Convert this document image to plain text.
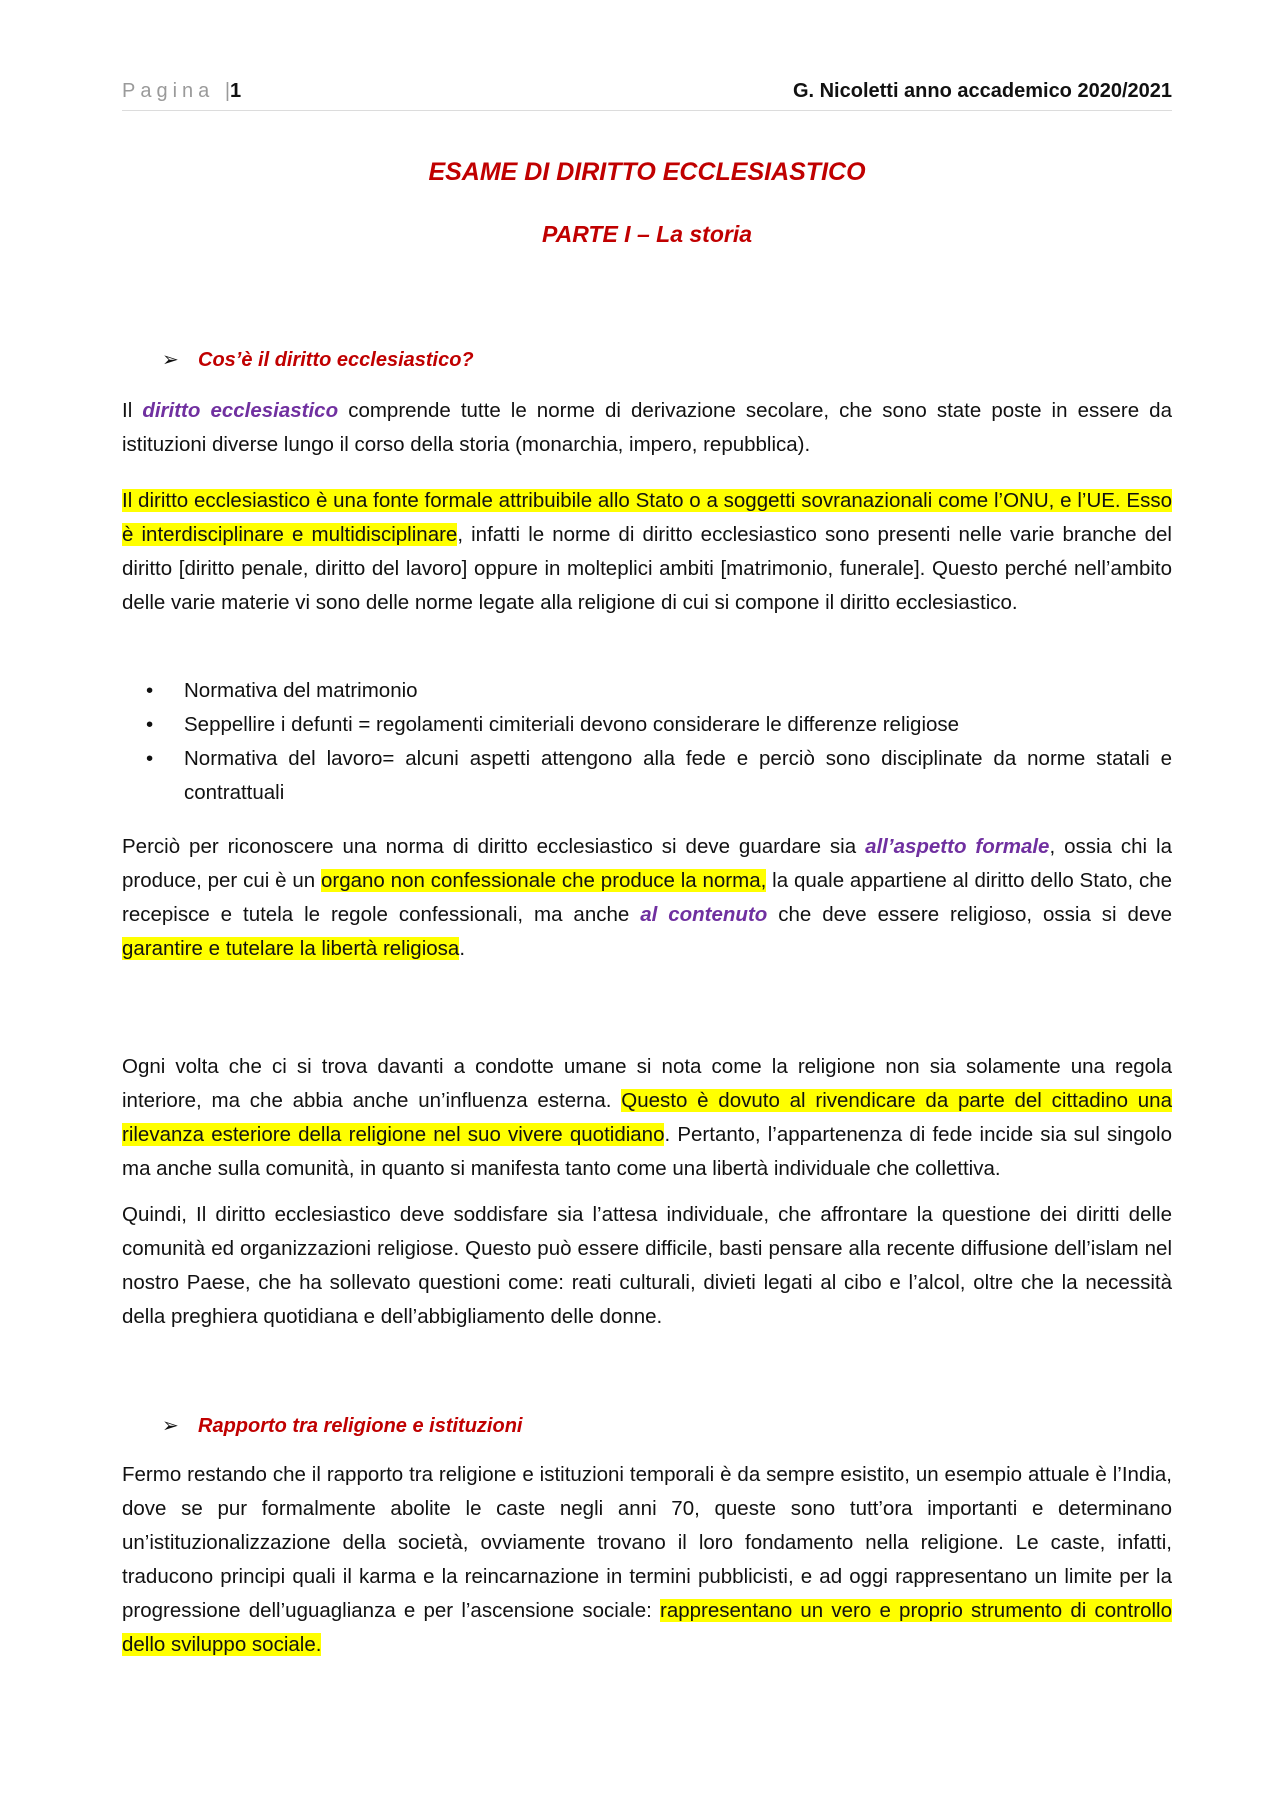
Pagina |1	G. Nicoletti anno accademico 2020/2021
ESAME DI DIRITTO ECCLESIASTICO
PARTE I – La storia
➢ Cos’è il diritto ecclesiastico?
Il diritto ecclesiastico comprende tutte le norme di derivazione secolare, che sono state poste in essere da istituzioni diverse lungo il corso della storia (monarchia, impero, repubblica).
Il diritto ecclesiastico è una fonte formale attribuibile allo Stato o a soggetti sovranazionali come l’ONU, e l’UE. Esso è interdisciplinare e multidisciplinare, infatti le norme di diritto ecclesiastico sono presenti nelle varie branche del diritto [diritto penale, diritto del lavoro] oppure in molteplici ambiti [matrimonio, funerale]. Questo perché nell’ambito delle varie materie vi sono delle norme legate alla religione di cui si compone il diritto ecclesiastico.
• Normativa del matrimonio
• Seppellire i defunti = regolamenti cimiteriali devono considerare le differenze religiose
• Normativa del lavoro= alcuni aspetti attengono alla fede e perciò sono disciplinate da norme statali e contrattuali
Perciò per riconoscere una norma di diritto ecclesiastico si deve guardare sia all’aspetto formale, ossia chi la produce, per cui è un organo non confessionale che produce la norma, la quale appartiene al diritto dello Stato, che recepisce e tutela le regole confessionali, ma anche al contenuto che deve essere religioso, ossia si deve garantire e tutelare la libertà religiosa.
Ogni volta che ci si trova davanti a condotte umane si nota come la religione non sia solamente una regola interiore, ma che abbia anche un’influenza esterna. Questo è dovuto al rivendicare da parte del cittadino una rilevanza esteriore della religione nel suo vivere quotidiano. Pertanto, l’appartenenza di fede incide sia sul singolo ma anche sulla comunità, in quanto si manifesta tanto come una libertà individuale che collettiva.
Quindi, Il diritto ecclesiastico deve soddisfare sia l’attesa individuale, che affrontare la questione dei diritti delle comunità ed organizzazioni religiose. Questo può essere difficile, basti pensare alla recente diffusione dell’islam nel nostro Paese, che ha sollevato questioni come: reati culturali, divieti legati al cibo e l’alcol, oltre che la necessità della preghiera quotidiana e dell’abbigliamento delle donne.
➢ Rapporto tra religione e istituzioni
Fermo restando che il rapporto tra religione e istituzioni temporali è da sempre esistito, un esempio attuale è l’India, dove se pur formalmente abolite le caste negli anni 70, queste sono tutt’ora importanti e determinano un’istituzionalizzazione della società, ovviamente trovano il loro fondamento nella religione. Le caste, infatti, traducono principi quali il karma e la reincarnazione in termini pubblicisti, e ad oggi rappresentano un limite per la progressione dell’uguaglianza e per l’ascensione sociale: rappresentano un vero e proprio strumento di controllo dello sviluppo sociale.
